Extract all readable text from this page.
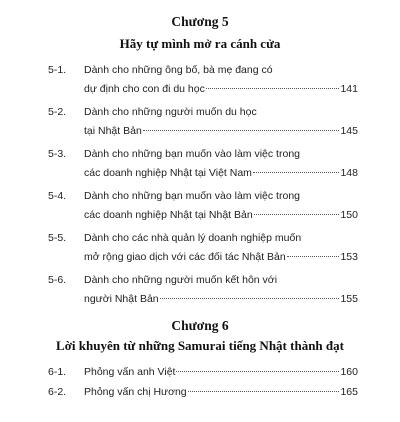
Chương 5
Hãy tự mình mở ra cánh cửa
5-1. Dành cho những ông bố, bà mẹ đang có
dự định cho con đi du học	141
5-2. Dành cho những người muốn du học
tại Nhật Bản	145
5-3. Dành cho những bạn muốn vào làm việc trong
các doanh nghiệp Nhật tại Việt Nam	148
5-4. Dành cho những bạn muốn vào làm việc trong
các doanh nghiệp Nhật tại Nhật Bản	150
5-5. Dành cho các nhà quản lý doanh nghiệp muốn
mở rộng giao dịch với các đối tác Nhật Bản	153
5-6. Dành cho những người muốn kết hôn với
người Nhật Bản	155
Chương 6
Lời khuyên từ những Samurai tiếng Nhật thành đạt
6-1. Phỏng vấn anh Việt	160
6-2. Phỏng vấn chị Hương	165
